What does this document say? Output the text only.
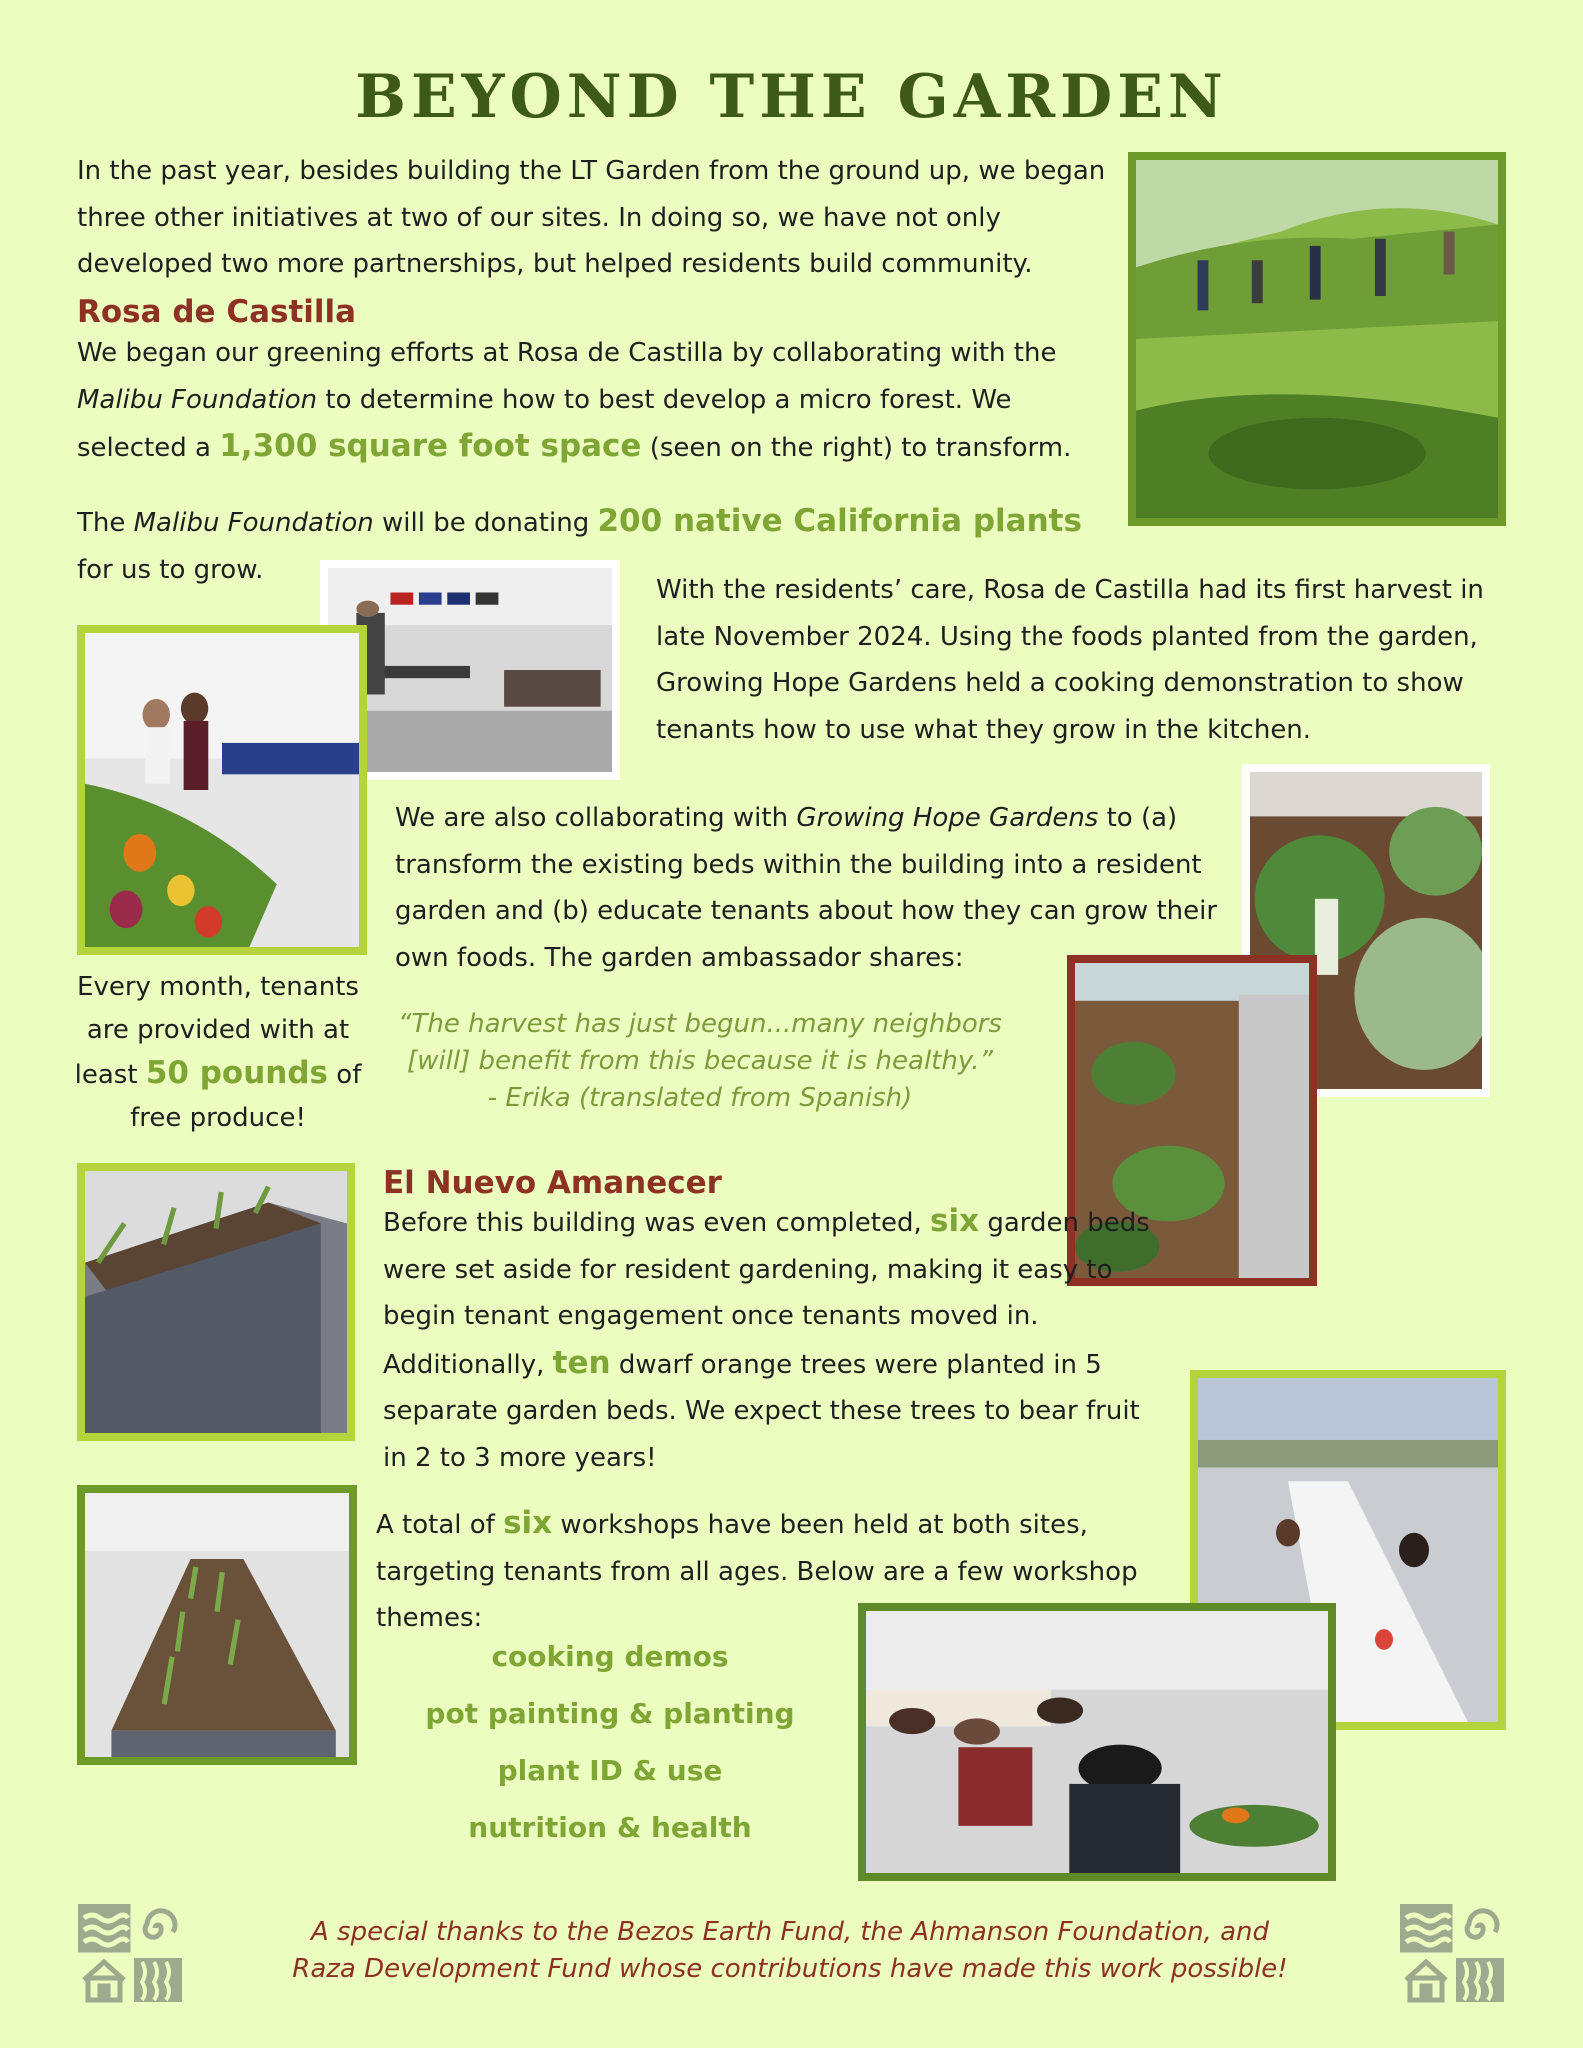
BEYOND THE GARDEN

In the past year, besides building the LT Garden from the ground up, we began three other initiatives at two of our sites. In doing so, we have not only developed two more partnerships, but helped residents build community.

Rosa de Castilla

We began our greening efforts at Rosa de Castilla by collaborating with the
Malibu Foundation to determine how to best develop a micro forest. We
selected a 1,300 square foot space (seen on the right) to transform.

The Malibu Foundation will be donating 200 native California plants
for us to grow.

With the residents’ care, Rosa de Castilla had its first harvest in late November 2024. Using the foods planted from the garden, Growing Hope Gardens held a cooking demonstration to show tenants how to use what they grow in the kitchen.

We are also collaborating with Growing Hope Gardens to (a) transform the existing beds within the building into a resident garden and (b) educate tenants about how they can grow their own foods. The garden ambassador shares:

Every month, tenants are provided with at least 50 pounds of free produce!
“The harvest has just begun...many neighbors
[will] benefit from this because it is healthy.”
- Erika (translated from Spanish)
El Nuevo Amanecer

Before this building was even completed, six garden beds were set aside for resident gardening, making it easy to begin tenant engagement once tenants moved in. Additionally, ten dwarf orange trees were planted in 5 separate garden beds. We expect these trees to bear fruit in 2 to 3 more years!

A total of six workshops have been held at both sites, targeting tenants from all ages. Below are a few workshop themes:

cooking demos
pot painting & planting
plant ID & use
nutrition & health
A special thanks to the Bezos Earth Fund, the Ahmanson Foundation, and
Raza Development Fund whose contributions have made this work possible!
